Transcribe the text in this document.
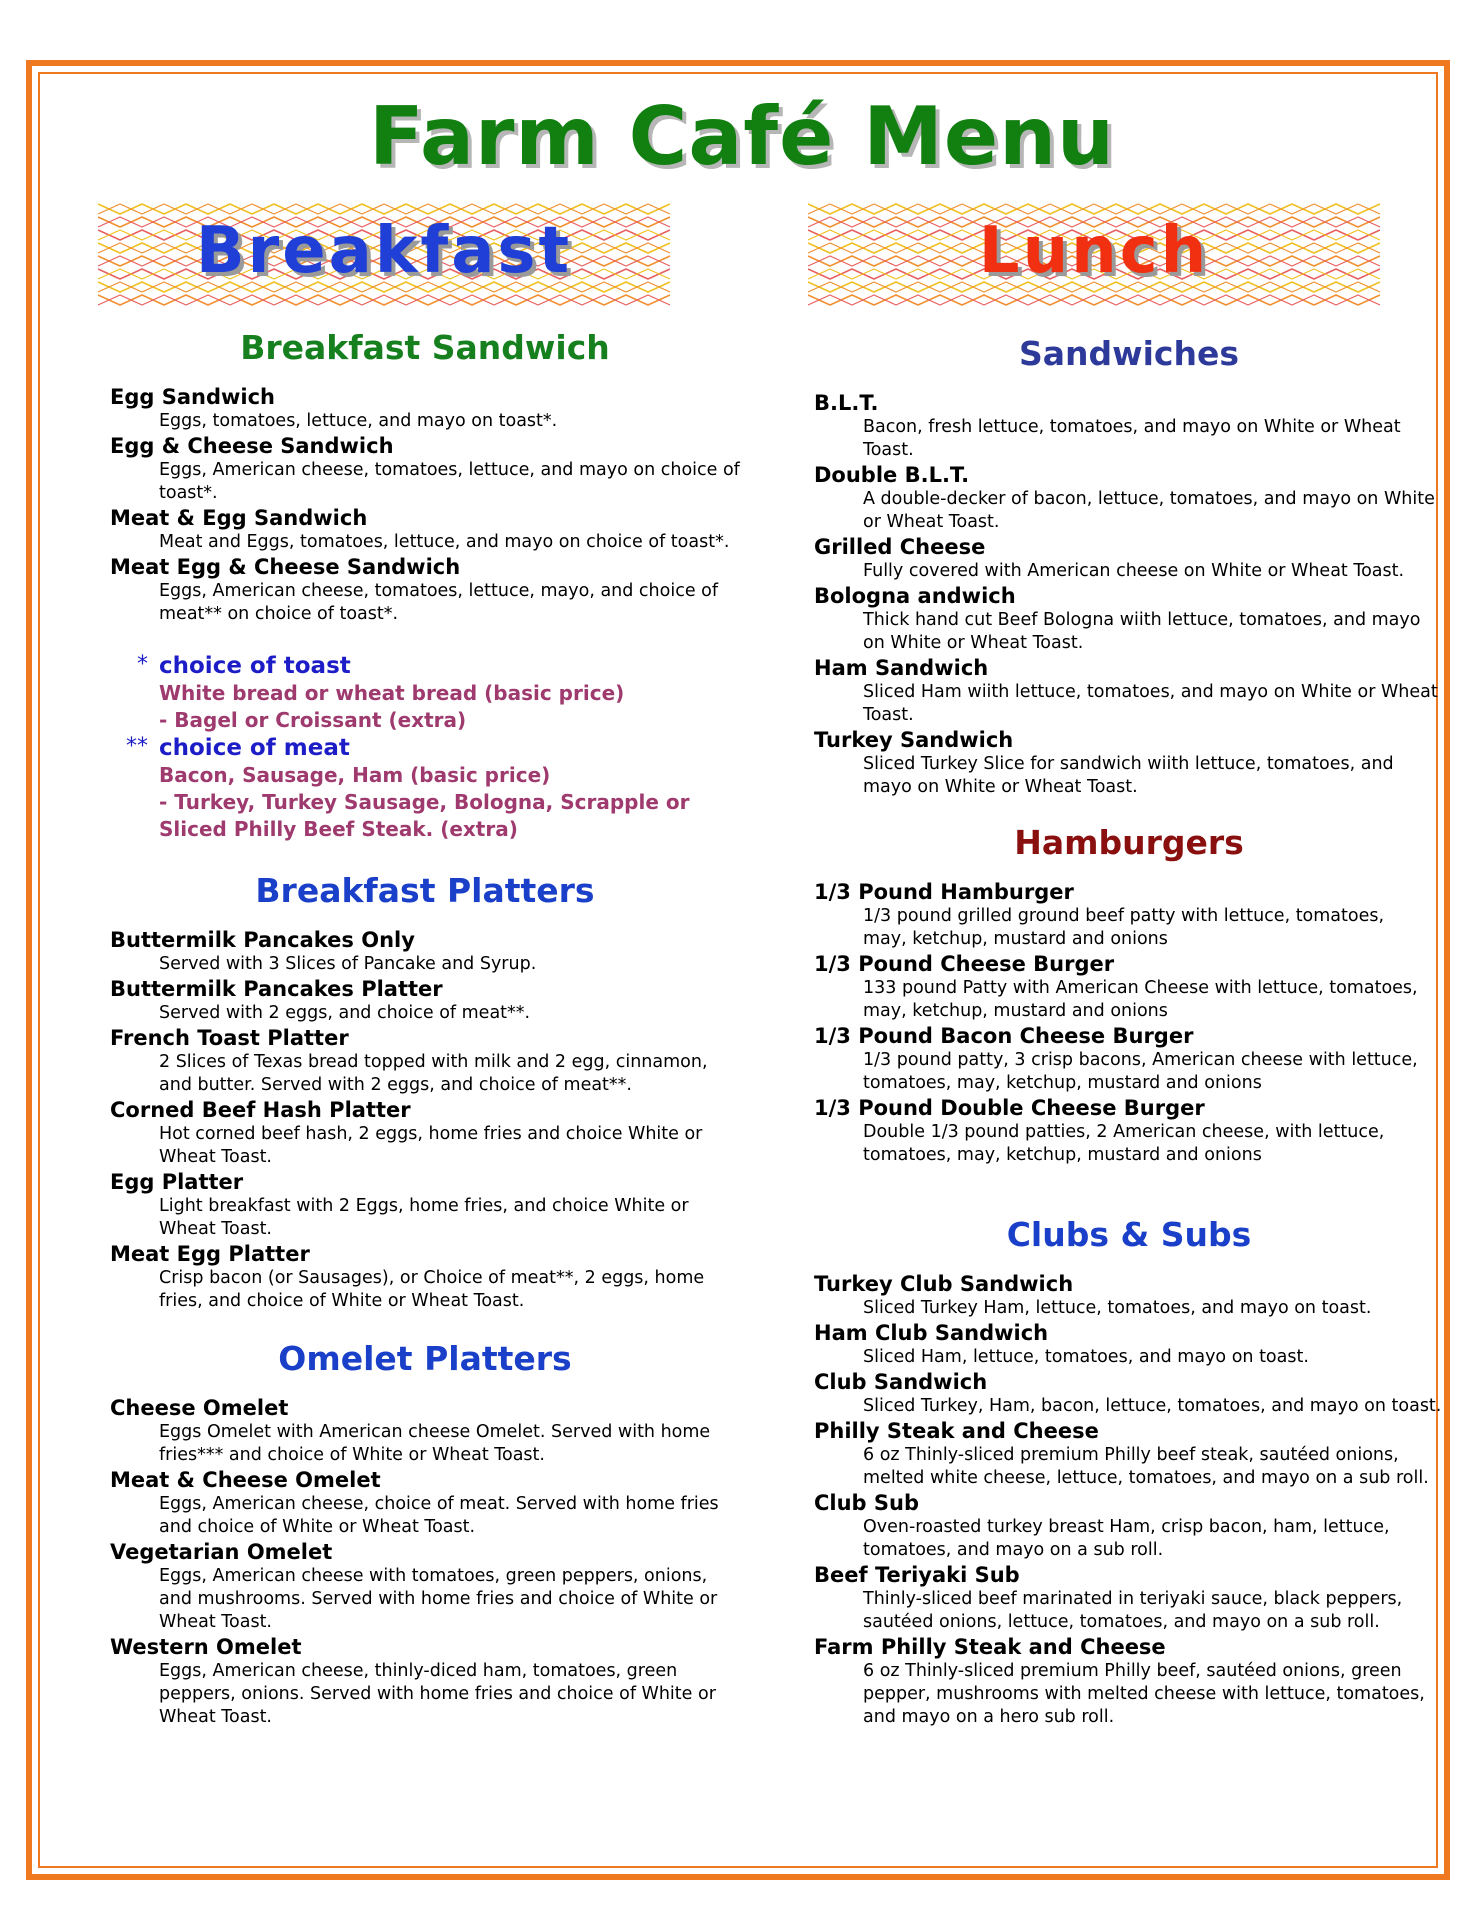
Farm Café Menu
Breakfast	Lunch
Breakfast Sandwich
Egg Sandwich
Eggs, tomatoes, lettuce, and mayo on toast*.
Egg & Cheese Sandwich
Eggs, American cheese, tomatoes, lettuce, and mayo on choice of
toast*.
Meat & Egg Sandwich
Meat and Eggs, tomatoes, lettuce, and mayo on choice of toast*.
Meat Egg & Cheese Sandwich
Eggs, American cheese, tomatoes, lettuce, mayo, and choice of
meat** on choice of toast*.
* choice of toast
White bread or wheat bread (basic price)
- Bagel or Croissant (extra)
** choice of meat
Bacon, Sausage, Ham (basic price)
- Turkey, Turkey Sausage, Bologna, Scrapple or
Sliced Philly Beef Steak. (extra)
Breakfast Platters
Buttermilk Pancakes Only
Served with 3 Slices of Pancake and Syrup.
Buttermilk Pancakes Platter
Served with 2 eggs, and choice of meat**.
French Toast Platter
2 Slices of Texas bread topped with milk and 2 egg, cinnamon,
and butter. Served with 2 eggs, and choice of meat**.
Corned Beef Hash Platter
Hot corned beef hash, 2 eggs, home fries and choice White or
Wheat Toast.
Egg Platter
Light breakfast with 2 Eggs, home fries, and choice White or
Wheat Toast.
Meat Egg Platter
Crisp bacon (or Sausages), or Choice of meat**, 2 eggs, home
fries, and choice of White or Wheat Toast.
Omelet Platters
Cheese Omelet
Eggs Omelet with American cheese Omelet. Served with home
fries*** and choice of White or Wheat Toast.
Meat & Cheese Omelet
Eggs, American cheese, choice of meat. Served with home fries
and choice of White or Wheat Toast.
Vegetarian Omelet
Eggs, American cheese with tomatoes, green peppers, onions,
and mushrooms. Served with home fries and choice of White or
Wheat Toast.
Western Omelet
Eggs, American cheese, thinly-diced ham, tomatoes, green
peppers, onions. Served with home fries and choice of White or
Wheat Toast.
Sandwiches
B.L.T.
Bacon, fresh lettuce, tomatoes, and mayo on White or Wheat
Toast.
Double B.L.T.
A double-decker of bacon, lettuce, tomatoes, and mayo on White
or Wheat Toast.
Grilled Cheese
Fully covered with American cheese on White or Wheat Toast.
Bologna andwich
Thick hand cut Beef Bologna wiith lettuce, tomatoes, and mayo
on White or Wheat Toast.
Ham Sandwich
Sliced Ham wiith lettuce, tomatoes, and mayo on White or Wheat
Toast.
Turkey Sandwich
Sliced Turkey Slice for sandwich wiith lettuce, tomatoes, and
mayo on White or Wheat Toast.
Hamburgers
1/3 Pound Hamburger
1/3 pound grilled ground beef patty with lettuce, tomatoes,
may, ketchup, mustard and onions
1/3 Pound Cheese Burger
133 pound Patty with American Cheese with lettuce, tomatoes,
may, ketchup, mustard and onions
1/3 Pound Bacon Cheese Burger
1/3 pound patty, 3 crisp bacons, American cheese with lettuce,
tomatoes, may, ketchup, mustard and onions
1/3 Pound Double Cheese Burger
Double 1/3 pound patties, 2 American cheese, with lettuce,
tomatoes, may, ketchup, mustard and onions
Clubs & Subs
Turkey Club Sandwich
Sliced Turkey Ham, lettuce, tomatoes, and mayo on toast.
Ham Club Sandwich
Sliced Ham, lettuce, tomatoes, and mayo on toast.
Club Sandwich
Sliced Turkey, Ham, bacon, lettuce, tomatoes, and mayo on toast.
Philly Steak and Cheese
6 oz Thinly-sliced premium Philly beef steak, sautéed onions,
melted white cheese, lettuce, tomatoes, and mayo on a sub roll.
Club Sub
Oven-roasted turkey breast Ham, crisp bacon, ham, lettuce,
tomatoes, and mayo on a sub roll.
Beef Teriyaki Sub
Thinly-sliced beef marinated in teriyaki sauce, black peppers,
sautéed onions, lettuce, tomatoes, and mayo on a sub roll.
Farm Philly Steak and Cheese
6 oz Thinly-sliced premium Philly beef, sautéed onions, green
pepper, mushrooms with melted cheese with lettuce, tomatoes,
and mayo on a hero sub roll.
